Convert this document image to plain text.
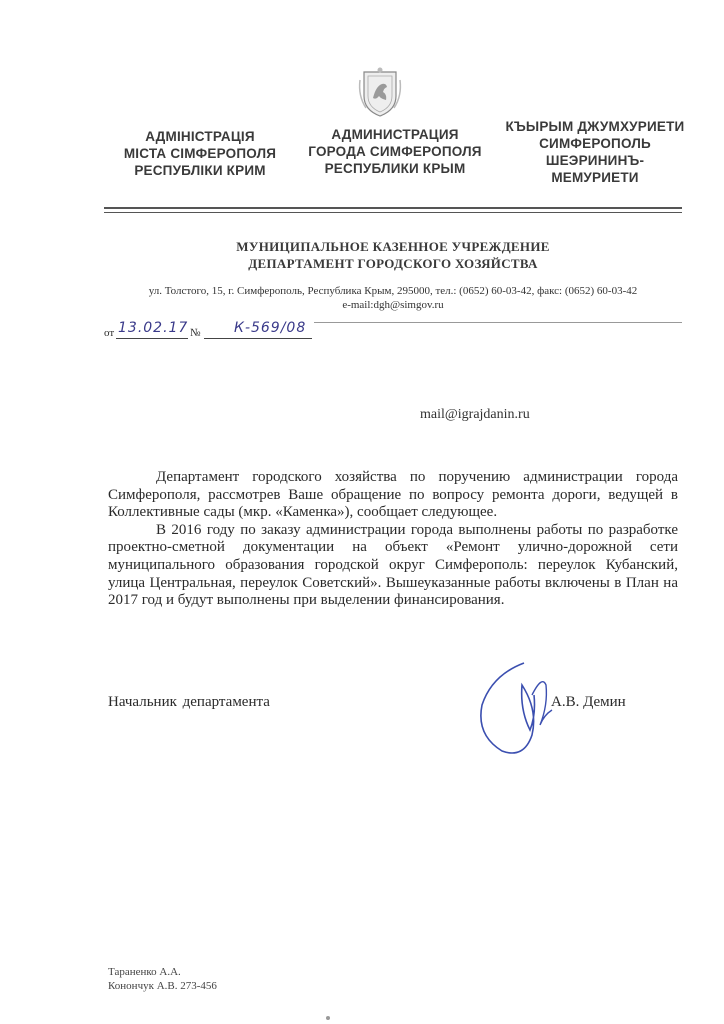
АДМІНІСТРАЦІЯ
МІСТА СІМФЕРОПОЛЯ
РЕСПУБЛІКИ КРИМ
АДМИНИСТРАЦИЯ
ГОРОДА СИМФЕРОПОЛЯ
РЕСПУБЛИКИ КРЫМ
КЪЫРЫМ ДЖУМХУРИЕТИ
СИМФЕРОПОЛЬ
ШЕЭРИНИНЪ-
МЕМУРИЕТИ
МУНИЦИПАЛЬНОЕ КАЗЕННОЕ УЧРЕЖДЕНИЕ
ДЕПАРТАМЕНТ ГОРОДСКОГО ХОЗЯЙСТВА
ул. Толстого, 15, г. Симферополь, Республика Крым, 295000, тел.: (0652) 60-03-42, факс: (0652) 60-03-42
e-mail:dgh@simgov.ru
от 13.02.17 № К-569/08
mail@igrajdanin.ru

Департамент городского хозяйства по поручению администрации города Симферополя, рассмотрев Ваше обращение по вопросу ремонта дороги, ведущей в Коллективные сады (мкр. «Каменка»), сообщает следующее.

В 2016 году по заказу администрации города выполнены работы по разработке проектно-сметной документации на объект «Ремонт улично-дорожной сети муниципального образования городской округ Симферополь: переулок Кубанский, улица Центральная, переулок Советский». Вышеуказанные работы включены в План на 2017 год и будут выполнены при выделении финансирования.

Начальник департамента	А.В. Демин
Тараненко А.А.
Конончук А.В. 273-456
